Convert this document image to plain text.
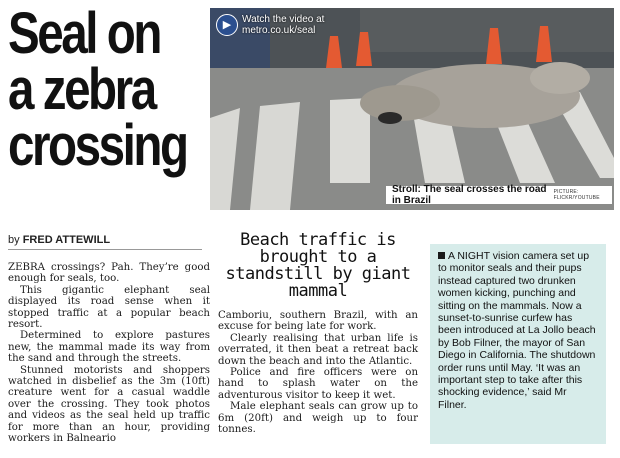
Seal on a zebra crossing
▶	Watch the video at
metro.co.uk/seal
Stroll: The seal crosses the road in Brazil
PICTURE: FLICKR/YOUTUBE
by FRED ATTEWILL

ZEBRA crossings? Pah. They’re good enough for seals, too.

This gigantic elephant seal displayed its road sense when it stopped traffic at a popular beach resort.

Determined to explore pastures new, the mammal made its way from the sand and through the streets.

Stunned motorists and shoppers watched in disbelief as the 3m (10ft) creature went for a casual waddle over the crossing. They took photos and videos as the seal held up traffic for more than an hour, providing workers in Balneario

Beach traffic is brought to a standstill by giant mammal

Camboriu, southern Brazil, with an excuse for being late for work.

Clearly realising that urban life is overrated, it then beat a retreat back down the beach and into the Atlantic.

Police and fire officers were on hand to splash water on the adventurous visitor to keep it wet.

Male elephant seals can grow up to 6m (20ft) and weigh up to four tonnes.

A NIGHT vision camera set up to monitor seals and their pups instead captured two drunken women kicking, punching and sitting on the mammals. Now a sunset-to-sunrise curfew has been introduced at La Jollo beach by Bob Filner, the mayor of San Diego in California. The shutdown order runs until May. ‘It was an important step to take after this shocking evidence,’ said Mr Filner.
